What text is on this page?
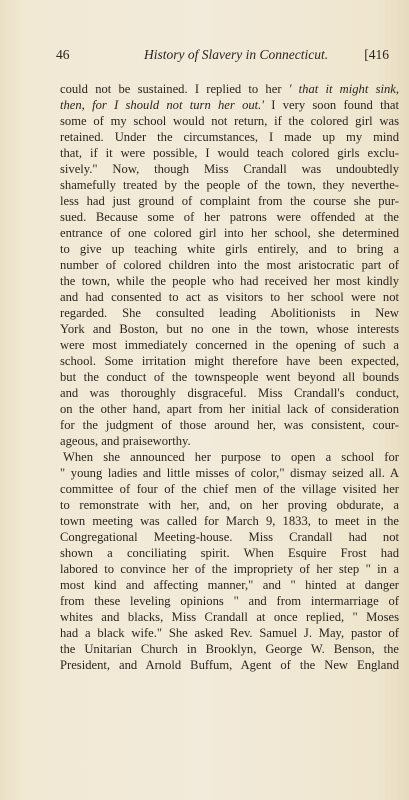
46	History of Slavery in Connecticut.	[416
could not be sustained. I replied to her ' that it might sink,
then, for I should not turn her out.' I very soon found that
some of my school would not return, if the colored girl was
retained. Under the circumstances, I made up my mind
that, if it were possible, I would teach colored girls exclu-
sively." Now, though Miss Crandall was undoubtedly
shamefully treated by the people of the town, they neverthe-
less had just ground of complaint from the course she pur-
sued. Because some of her patrons were offended at the
entrance of one colored girl into her school, she determined
to give up teaching white girls entirely, and to bring a
number of colored children into the most aristocratic part of
the town, while the people who had received her most kindly
and had consented to act as visitors to her school were not
regarded. She consulted leading Abolitionists in New
York and Boston, but no one in the town, whose interests
were most immediately concerned in the opening of such a
school. Some irritation might therefore have been expected,
but the conduct of the townspeople went beyond all bounds
and was thoroughly disgraceful. Miss Crandall's conduct,
on the other hand, apart from her initial lack of consideration
for the judgment of those around her, was consistent, cour-
ageous, and praiseworthy.
When she announced her purpose to open a school for
" young ladies and little misses of color," dismay seized all. A
committee of four of the chief men of the village visited her
to remonstrate with her, and, on her proving obdurate, a
town meeting was called for March 9, 1833, to meet in the
Congregational Meeting-house. Miss Crandall had not
shown a conciliating spirit. When Esquire Frost had
labored to convince her of the impropriety of her step " in a
most kind and affecting manner," and " hinted at danger
from these leveling opinions " and from intermarriage of
whites and blacks, Miss Crandall at once replied, " Moses
had a black wife." She asked Rev. Samuel J. May, pastor of
the Unitarian Church in Brooklyn, George W. Benson, the
President, and Arnold Buffum, Agent of the New England
